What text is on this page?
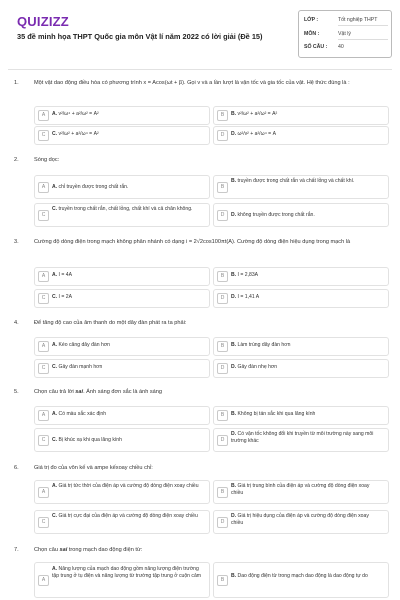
QUIZIZZ
35 đề minh họa THPT Quốc gia môn Vật lí năm 2022 có lời giải (Đề 15)
LỚP :	Tốt nghiệp THPT
MÔN :	Vật lý
SỐ CÂU : 40
1.	Một vật dao động điều hòa có phương trình x = Acos(ωt + β). Gọi v và a lần lượt là vận tốc và gia tốc của vật. Hệ thức đúng là :
A	A. v²/ω⁴ + a²/ω² = A²	B	B. v²/ω² + a²/ω² = A²
C	C. v²/ω² + a²/ω⁴ = A²	D	D. ω²/v² + a²/ω⁴ = A
2.	Sóng dọc:
A	A. chỉ truyền được trong chất rắn.	B
B. truyền được trong chất rắn và chất lỏng và chất khí.
C
C. truyền trong chất rắn, chất lỏng, chất khí và cả chân không.
D	D. không truyền được trong chất rắn.
3.	Cường độ dòng điện trong mạch không phân nhánh có dạng i = 2√2cos100πt(A). Cường độ dòng điện hiệu dụng trong mạch là
A	A. I = 4A	B	B. I = 2,83A
C	C. I = 2A	D	D. I = 1,41 A
4.	Để tăng độ cao của âm thanh do một dây đàn phát ra ta phải:
A	A. Kéo căng dây đàn hơn	B	B. Làm trùng dây đàn hơn
C	C. Gảy đàn mạnh hơn	D	D. Gảy đàn nhẹ hơn
5.	Chọn câu trả lời sai. Ánh sáng đơn sắc là ánh sáng
A	A. Có màu sắc xác định	B	B. Không bị tán sắc khi qua lăng kính
C	C. Bị khúc xạ khi qua lăng kính	D
D. Có vận tốc không đổi khi truyền từ môi trường này sang môi trường khác
6.	Giá trị đo của vôn kế và ampe kếxoay chiều chỉ:
A
A. Giá trị tức thời của điện áp và cường độ dòng điện xoay chiều
B
B. Giá trị trung bình của điện áp và cường độ dòng điện xoay chiều
C
C. Giá trị cực đại của điện áp và cường độ dòng điện xoay chiều
D
D. Giá trị hiệu dụng của điện áp và cường độ dòng điện xoay chiều
7.	Chọn câu sai trong mạch dao động điện từ:
A
A. Năng lượng của mạch dao động gồm năng lượng điện trường tập trung ở tụ điện và năng lượng từ trường tập trung ở cuộn cảm
B
B. Dao động điện từ trong mạch dao động là dao động tự do
